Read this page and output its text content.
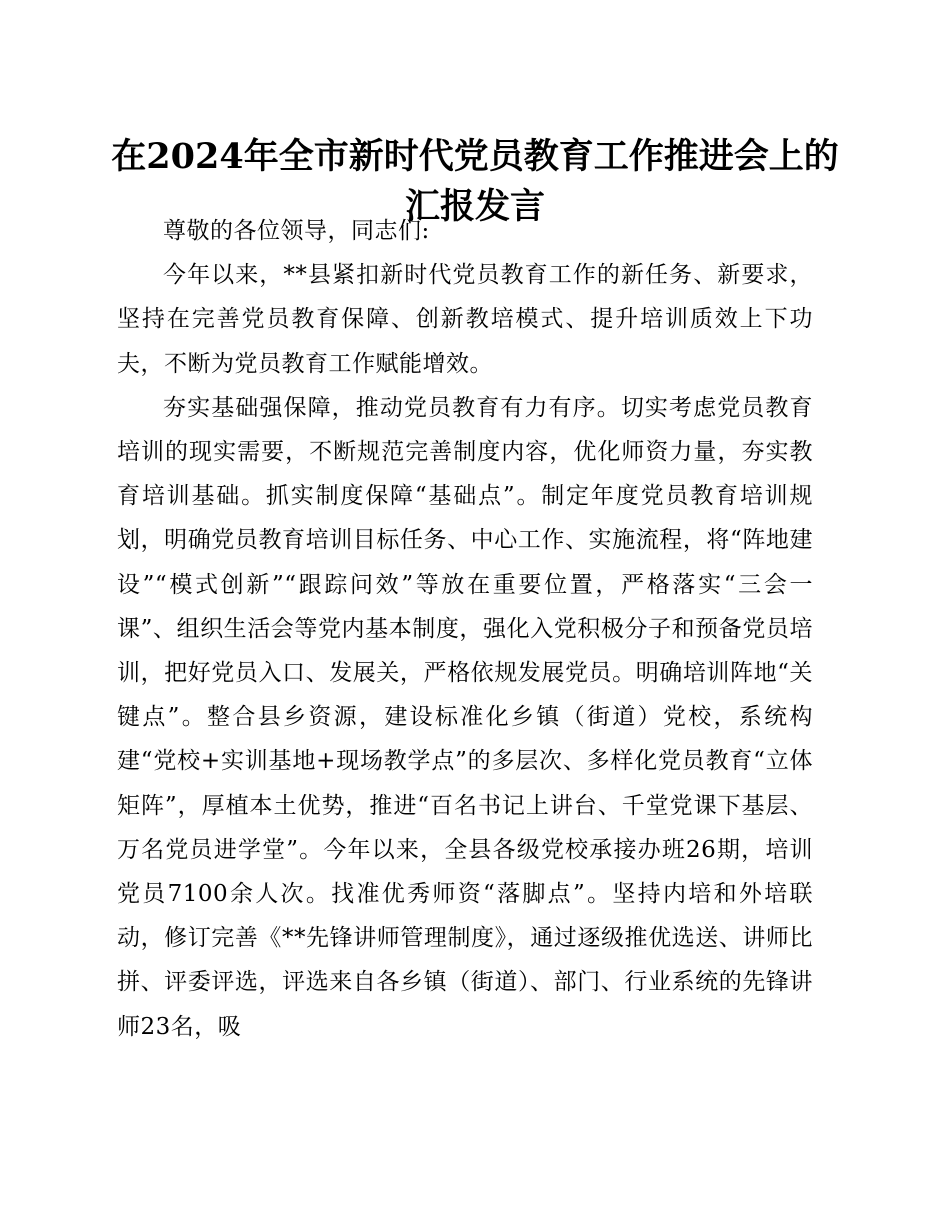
在2024年全市新时代党员教育工作推进会上的
汇报发言

尊敬的各位领导，同志们:

今年以来，**县紧扣新时代党员教育工作的新任务、新要求，坚持在完善党员教育保障、创新教培模式、提升培训质效上下功夫，不断为党员教育工作赋能增效。

夯实基础强保障，推动党员教育有力有序。切实考虑党员教育培训的现实需要，不断规范完善制度内容，优化师资力量，夯实教育培训基础。抓实制度保障“基础点”。制定年度党员教育培训规划，明确党员教育培训目标任务、中心工作、实施流程，将“阵地建设”“模式创新”“跟踪问效”等放在重要位置，严格落实“三会一课”、组织生活会等党内基本制度，强化入党积极分子和预备党员培训，把好党员入口、发展关，严格依规发展党员。明确培训阵地“关键点”。整合县乡资源，建设标准化乡镇（街道）党校，系统构建“党校+实训基地+现场教学点”的多层次、多样化党员教育“立体矩阵”，厚植本土优势，推进“百名书记上讲台、千堂党课下基层、万名党员进学堂”。今年以来，全县各级党校承接办班26期，培训党员7100余人次。找准优秀师资“落脚点”。坚持内培和外培联动，修订完善《**先锋讲师管理制度》，通过逐级推优选送、讲师比拼、评委评选，评选来自各乡镇（街道）、部门、行业系统的先锋讲师23名，吸
